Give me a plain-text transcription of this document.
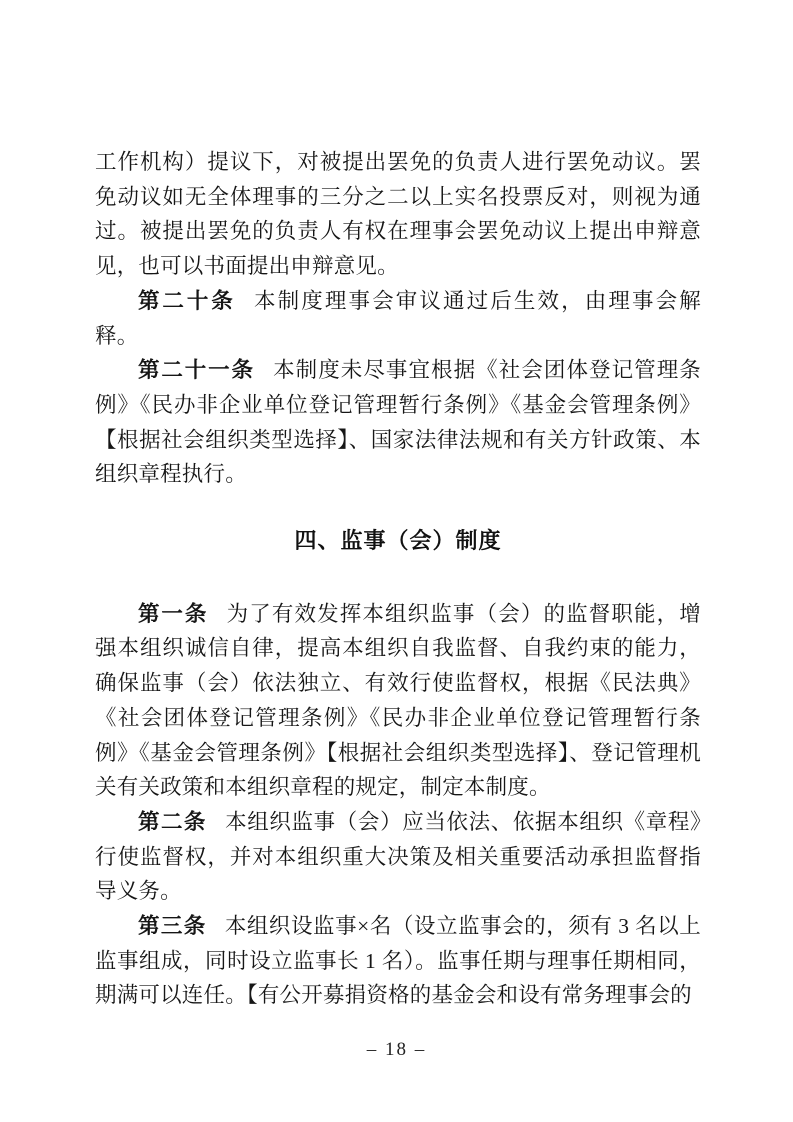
工作机构）提议下，对被提出罢免的负责人进行罢免动议。罢免动议如无全体理事的三分之二以上实名投票反对，则视为通过。被提出罢免的负责人有权在理事会罢免动议上提出申辩意见，也可以书面提出申辩意见。

第二十条 本制度理事会审议通过后生效，由理事会解释。

第二十一条 本制度未尽事宜根据《社会团体登记管理条例》《民办非企业单位登记管理暂行条例》《基金会管理条例》【根据社会组织类型选择】、国家法律法规和有关方针政策、本组织章程执行。

四、监事（会）制度

第一条 为了有效发挥本组织监事（会）的监督职能，增强本组织诚信自律，提高本组织自我监督、自我约束的能力，确保监事（会）依法独立、有效行使监督权，根据《民法典》《社会团体登记管理条例》《民办非企业单位登记管理暂行条例》《基金会管理条例》【根据社会组织类型选择】、登记管理机关有关政策和本组织章程的规定，制定本制度。

第二条 本组织监事（会）应当依法、依据本组织《章程》行使监督权，并对本组织重大决策及相关重要活动承担监督指导义务。

第三条 本组织设监事×名（设立监事会的，须有 3 名以上监事组成，同时设立监事长 1 名）。监事任期与理事任期相同，期满可以连任。【有公开募捐资格的基金会和设有常务理事会的

– 18 –
